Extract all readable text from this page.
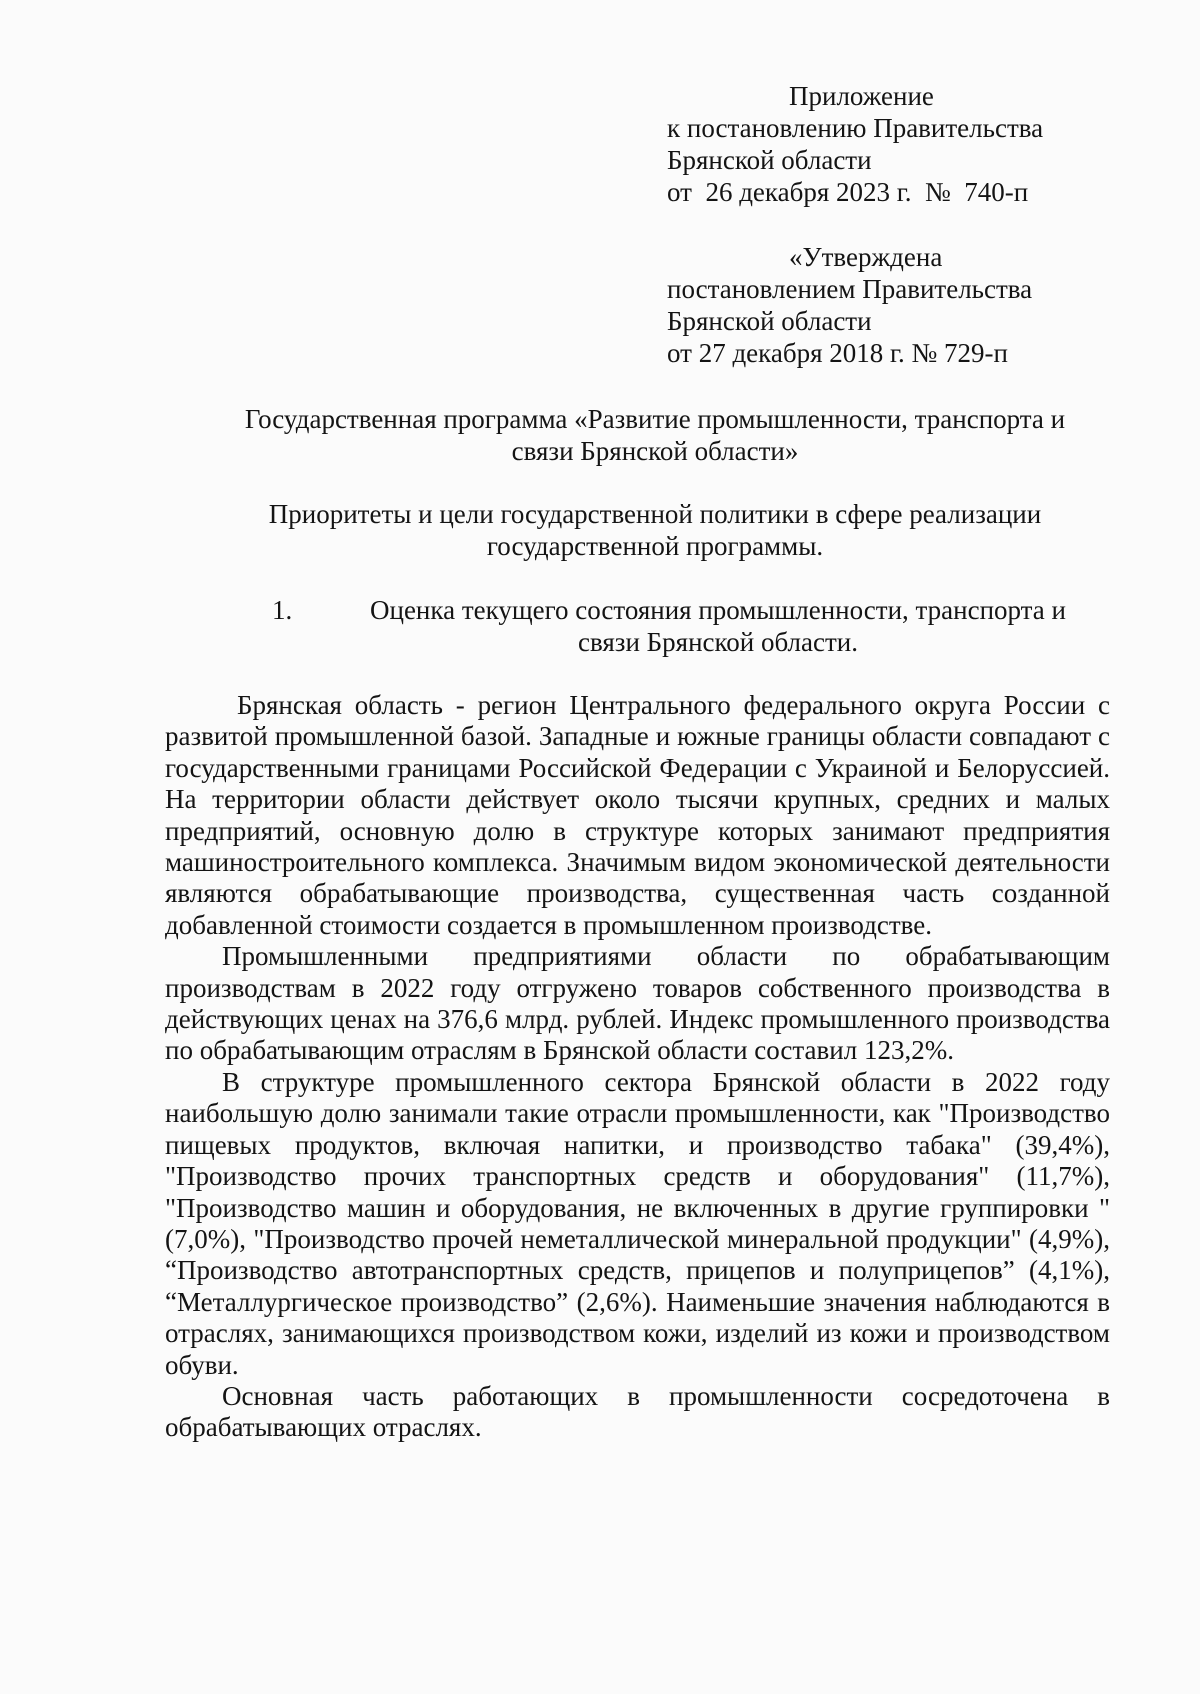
Приложение
к постановлению Правительства
Брянской области
от  26 декабря 2023 г.  №  740-п
«Утверждена
постановлением Правительства
Брянской области
от 27 декабря 2018 г. № 729-п
Государственная программа «Развитие промышленности, транспорта и
связи Брянской области»
Приоритеты и цели государственной политики в сфере реализации
государственной программы.
1.	Оценка текущего состояния промышленности, транспорта и
связи Брянской области.

Брянская область - регион Центрального федерального округа России с развитой промышленной базой. Западные и южные границы области совпадают с государственными границами Российской Федерации с Украиной и Белоруссией. На территории области действует около тысячи крупных, средних и малых предприятий, основную долю в структуре которых занимают предприятия машиностроительного комплекса. Значимым видом экономической деятельности являются обрабатывающие производства, существенная часть созданной добавленной стоимости создается в промышленном производстве.

Промышленными предприятиями области по обрабатывающим производствам в 2022 году отгружено товаров собственного производства в действующих ценах на 376,6 млрд. рублей. Индекс промышленного производства по обрабатывающим отраслям в Брянской области составил 123,2%.

В структуре промышленного сектора Брянской области в 2022 году наибольшую долю занимали такие отрасли промышленности, как "Производство пищевых продуктов, включая напитки, и производство табака" (39,4%), "Производство прочих транспортных средств и оборудования" (11,7%), "Производство машин и оборудования, не включенных в другие группировки " (7,0%), "Производство прочей неметаллической минеральной продукции" (4,9%), “Производство автотранспортных средств, прицепов и полуприцепов” (4,1%), “Металлургическое производство” (2,6%). Наименьшие значения наблюдаются в отраслях, занимающихся производством кожи, изделий из кожи и производством обуви.

Основная часть работающих в промышленности сосредоточена в обрабатывающих отраслях.
